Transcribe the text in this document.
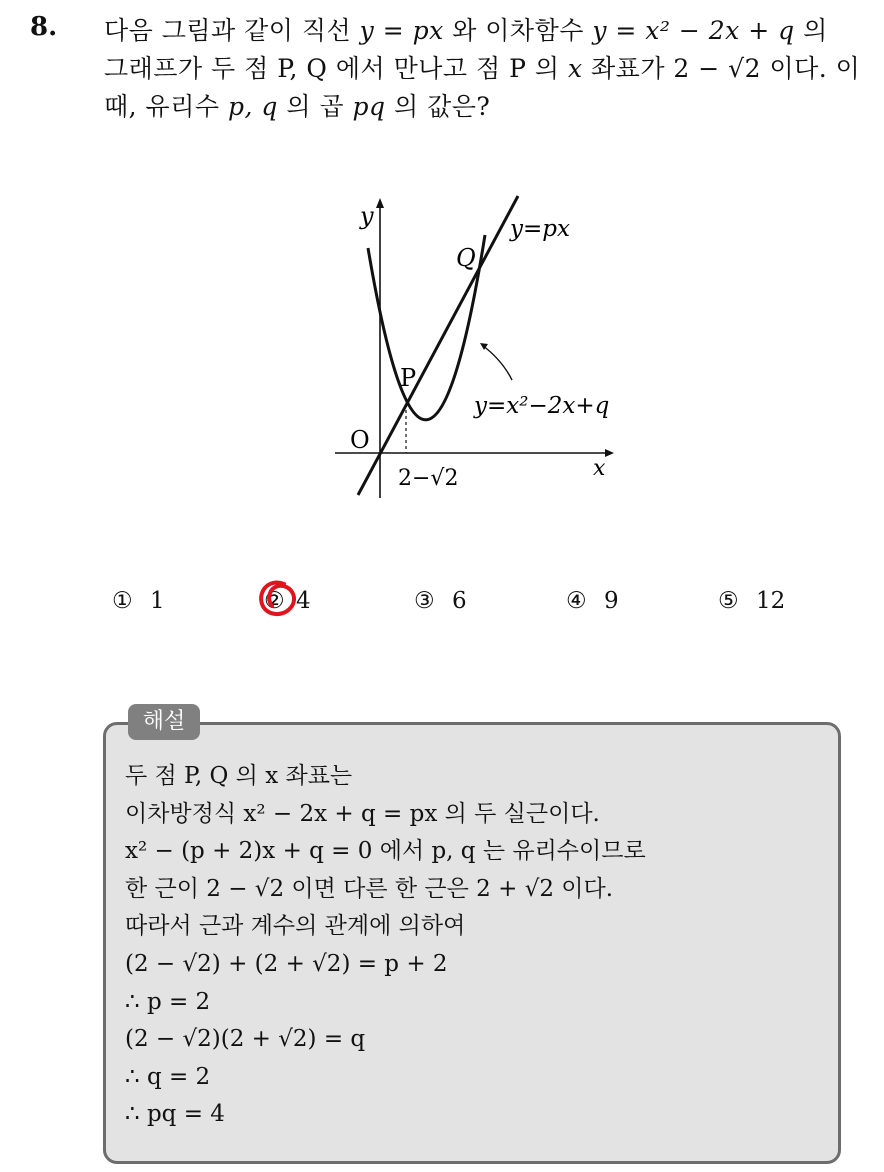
8. 다음 그림과 같이 직선 y = px 와 이차함수 y = x² − 2x + q 의

그래프가 두 점 P, Q 에서 만나고 점 P 의 x 좌표가 2 − √2 이다. 이

때, 유리수 p, q 의 곱 pq 의 값은?

y
x
O
P
Q
y=px
y=x²−2x+q
2−√2
① 1	② 4	③ 6	④ 9	⑤ 12
해설

두 점 P, Q 의 x 좌표는

이차방정식 x² − 2x + q = px 의 두 실근이다.

x² − (p + 2)x + q = 0 에서 p, q 는 유리수이므로

한 근이 2 − √2 이면 다른 한 근은 2 + √2 이다.

따라서 근과 계수의 관계에 의하여

(2 − √2) + (2 + √2) = p + 2

∴ p = 2

(2 − √2)(2 + √2) = q

∴ q = 2

∴ pq = 4
